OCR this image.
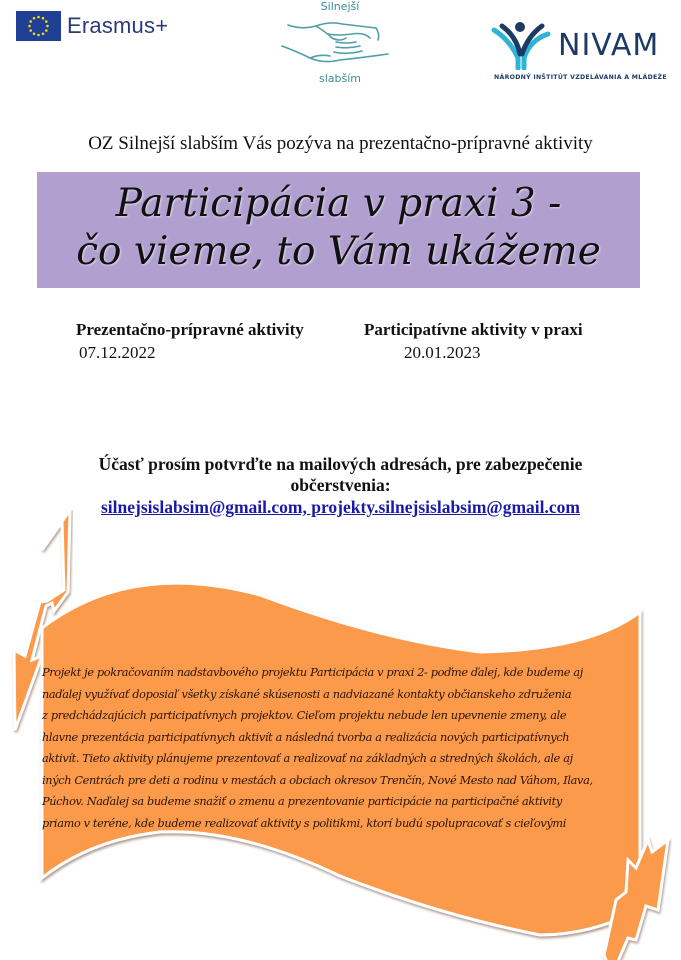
Erasmus+
Silnejší
slabším
NIVAM
NÁRODNÝ INŠTITÚT VZDELÁVANIA A MLÁDEŽE
OZ Silnejší slabším Vás pozýva na prezentačno-prípravné aktivity
Participácia v praxi 3 -
čo vieme, to Vám ukážeme
Prezentačno-prípravné aktivity
07.12.2022
Participatívne aktivity v praxi
20.01.2023
Účasť prosím potvrďte na mailových adresách, pre zabezpečenie
občerstvenia:
silnejsislabsim@gmail.com, projekty.silnejsislabsim@gmail.com
Projekt je pokračovaním nadstavbového projektu Participácia v praxi 2- poďme ďalej, kde budeme aj
naďalej využívať doposiaľ všetky získané skúsenosti a nadviazané kontakty občianskeho združenia
z predchádzajúcich participatívnych projektov. Cieľom projektu nebude len upevnenie zmeny, ale
hlavne prezentácia participatívnych aktivít a následná tvorba a realizácia nových participatívnych
aktivít. Tieto aktivity plánujeme prezentovať a realizovať na základných a stredných školách, ale aj
iných Centrách pre deti a rodinu v mestách a obciach okresov Trenčín, Nové Mesto nad Váhom, Ilava,
Púchov. Naďalej sa budeme snažiť o zmenu a prezentovanie participácie na participačné aktivity
priamo v teréne, kde budeme realizovať aktivity s politikmi, ktorí budú spolupracovať s cieľovými
